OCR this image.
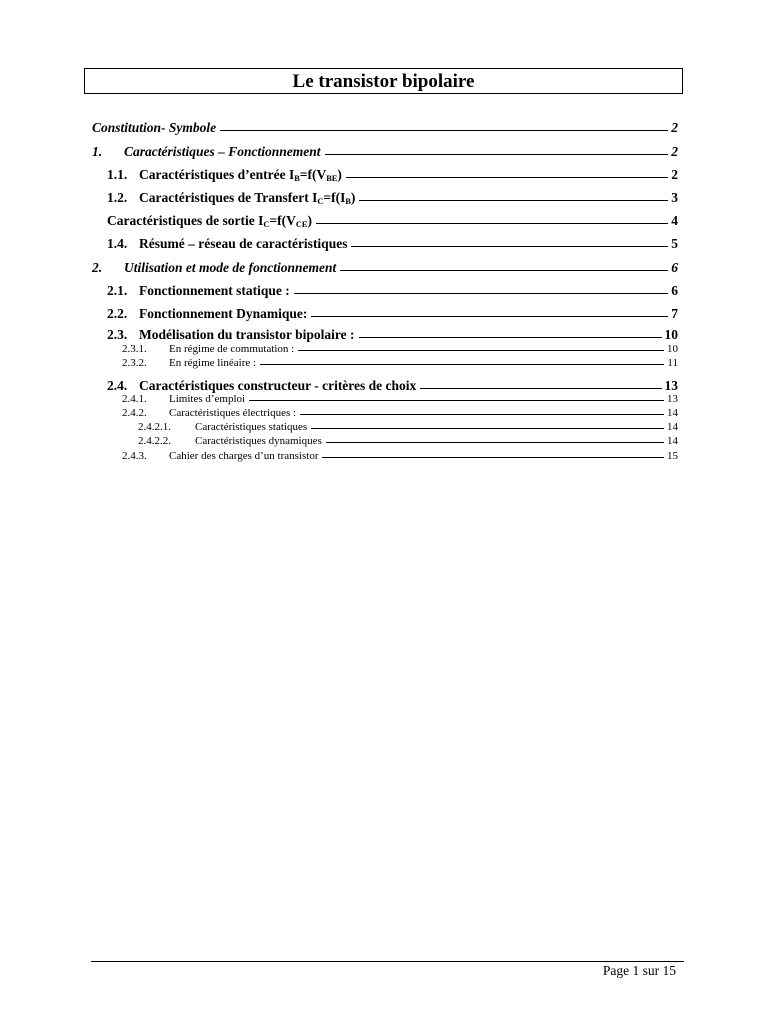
Le transistor bipolaire
Constitution- Symbole	2
1.	Caractéristiques – Fonctionnement	2
1.1. Caractéristiques d’entrée $I_B=f(V_{BE})$	2
1.2. Caractéristiques de Transfert $I_C=f(I_B)$	3
Caractéristiques de sortie $I_C=f(V_{CE})$	4
1.4. Résumé – réseau de caractéristiques	5
2.	Utilisation et mode de fonctionnement	6
2.1. Fonctionnement statique :	6
2.2. Fonctionnement Dynamique:	7
2.3. Modélisation du transistor bipolaire :	10
2.3.1.	En régime de commutation :	10
2.3.2.	En régime linéaire :	11
2.4. Caractéristiques constructeur - critères de choix	13
2.4.1.	Limites d’emploi	13
2.4.2.	Caractéristiques électriques :	14
2.4.2.1.	Caractéristiques statiques	14
2.4.2.2.	Caractéristiques dynamiques	14
2.4.3.	Cahier des charges d’un transistor	15
Page 1 sur 15
